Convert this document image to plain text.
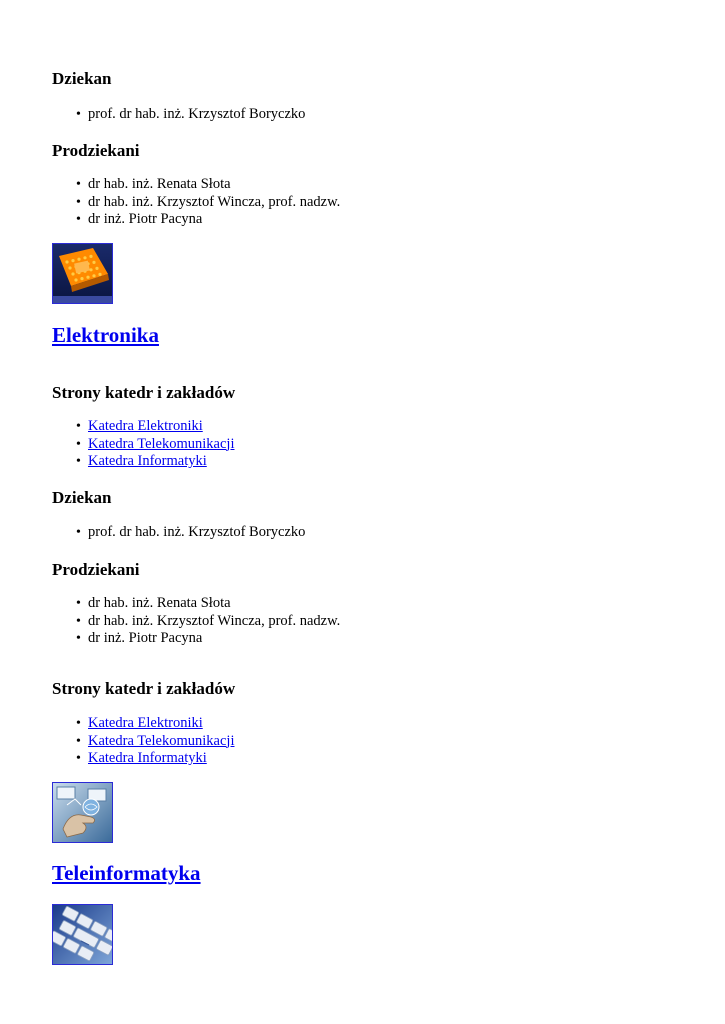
Dziekan
• prof. dr hab. inż. Krzysztof Boryczko
Prodziekani
• dr hab. inż. Renata Słota
• dr hab. inż. Krzysztof Wincza, prof. nadzw.
• dr inż. Piotr Pacyna
Elektronika
Strony katedr i zakładów
• Katedra Elektroniki
• Katedra Telekomunikacji
• Katedra Informatyki
Dziekan
• prof. dr hab. inż. Krzysztof Boryczko
Prodziekani
• dr hab. inż. Renata Słota
• dr hab. inż. Krzysztof Wincza, prof. nadzw.
• dr inż. Piotr Pacyna
Strony katedr i zakładów
• Katedra Elektroniki
• Katedra Telekomunikacji
• Katedra Informatyki
Teleinformatyka
